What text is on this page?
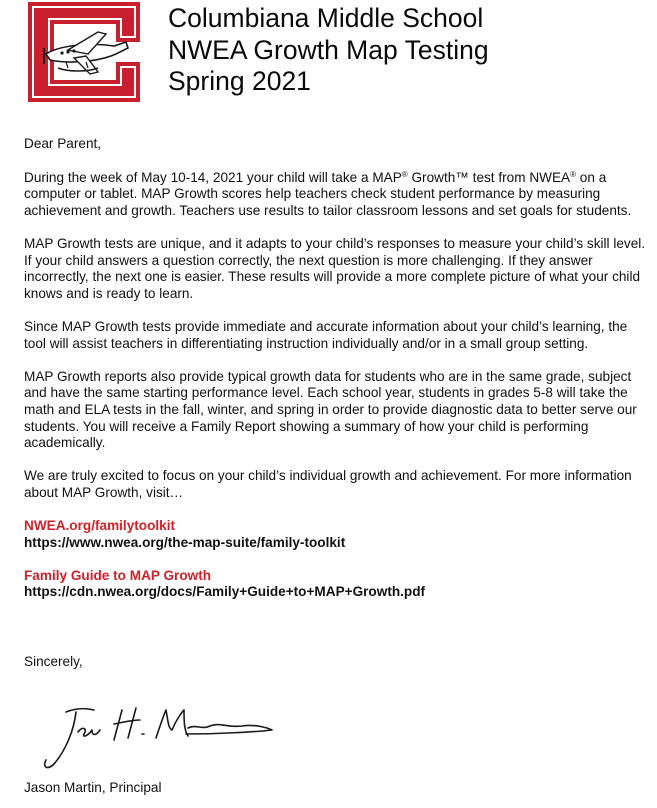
Columbiana Middle School
NWEA Growth Map Testing
Spring 2021

Dear Parent,

During the week of May 10-14, 2021 your child will take a MAP® Growth™ test from NWEA® on a computer or tablet. MAP Growth scores help teachers check student performance by measuring achievement and growth. Teachers use results to tailor classroom lessons and set goals for students.

MAP Growth tests are unique, and it adapts to your child’s responses to measure your child’s skill level. If your child answers a question correctly, the next question is more challenging. If they answer incorrectly, the next one is easier. These results will provide a more complete picture of what your child knows and is ready to learn.

Since MAP Growth tests provide immediate and accurate information about your child’s learning, the tool will assist teachers in differentiating instruction individually and/or in a small group setting.

MAP Growth reports also provide typical growth data for students who are in the same grade, subject and have the same starting performance level. Each school year, students in grades 5-8 will take the math and ELA tests in the fall, winter, and spring in order to provide diagnostic data to better serve our students. You will receive a Family Report showing a summary of how your child is performing academically.

We are truly excited to focus on your child’s individual growth and achievement. For more information about MAP Growth, visit…

NWEA.org/familytoolkit
https://www.nwea.org/the-map-suite/family-toolkit
Family Guide to MAP Growth
https://cdn.nwea.org/docs/Family+Guide+to+MAP+Growth.pdf
Sincerely,
Jason Martin, Principal
